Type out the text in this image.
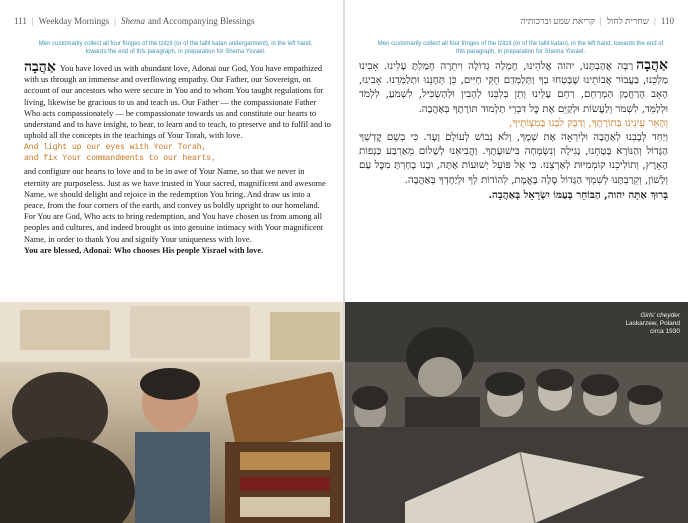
111 | Weekday Mornings | Shema and Accompanying Blessings
Men customarily collect all four fringes of the tzitzit (or of the tallit katan undergarment), in the left hand, towards the end of this paragraph, in preparation for Shema Yisrael.

אַהֲבָה You have loved us with abundant love, Adonai our God, You have empathized with us through an immense and overflowing empathy. Our Father, our Sovereign, on account of our ancestors who were secure in You and to whom You taught regulations for living, likewise be gracious to us and teach us. Our Father — the compassionate Father Who acts compassionately — be compassionate towards us and constitute our hearts to understand and to have insight, to hear, to learn and to teach, to preserve and to fulfil and to uphold all the concepts in the teachings of Your Torah, with love.

And light up our eyes with Your Torah,
and fix Your commandments to our hearts,

and configure our hearts to love and to be in awe of Your Name, so that we never in eternity are purposeless. Just as we have trusted in Your sacred, magnificent and awesome Name, we should delight and rejoice in the redemption You bring. And draw us into a peace, from the four corners of the earth, and convey us boldly upright to our homeland. For You are God, Who acts to bring redemption, and You have chosen us from among all peoples and cultures, and indeed brought us into genuine intimacy with Your magnificent Name, in order to thank You and signify Your uniqueness with love.

You are blessed, Adonai: Who chooses His people Yisrael with love.

110
|
שחרית לחול
|
קריאת שמע וברכותיה
Men customarily collect all four fringes of the tzitzit (or of the tallit katan), in the left hand, towards the end of this paragraph, in preparation for Shema Yisrael.

אַהֲבָהרַבָּה אֲהַבְתָּנוּ, יהוה אֱלֹהֵינוּ, חֶמְלָה גְדוֹלָה וִיתֵרָה חָמַלְתָּ עָלֵינוּ. אָבִינוּ מַלְכֵּנוּ, בַּעֲבוּר אֲבוֹתֵינוּ שֶׁבָּטְחוּ בְךָ וַתְּלַמְּדֵם חֻקֵּי חַיִּים, כֵּן תְּחָנֵּנוּ וּתְלַמְּדֵנוּ. אָבִינוּ, הָאָב הָרַחֲמָן הַמְרַחֵם, רַחֵם עָלֵינוּ וְתֵן בְּלִבֵּנוּ לְהָבִין וּלְהַשְׂכִּיל, לִשְׁמֹעַ, לִלְמֹד וּלְלַמֵּד, לִשְׁמֹר וְלַעֲשׂוֹת וּלְקַיֵּם אֶת כׇּל דִּבְרֵי תַלְמוּד תּוֹרָתֶךָ בְּאַהֲבָה.

וְהָאֵר עֵינֵינוּ בְּתוֹרָתֶךָ, וְדַבֵּק לִבֵּנוּ בְּמִצְוֹתֶיךָ,

וְיַחֵד לְבָבֵנוּ לְאַהֲבָה וּלְיִרְאָה אֶת שְׁמֶךָ, וְלֹא נֵבוֹשׁ לְעוֹלָם וָעֶד. כִּי בְשֵׁם קׇדְשְׁךָ הַגָּדוֹל וְהַנּוֹרָא בָּטָחְנוּ, נָגִילָה וְנִשְׂמְחָה בִּישׁוּעָתֶךָ. וַהֲבִיאֵנוּ לְשָׁלוֹם מֵאַרְבַּע כַּנְפוֹת הָאָרֶץ, וְתוֹלִיכֵנוּ קוֹמְמִיּוּת לְאַרְצֵנוּ. כִּי אֵל פּוֹעֵל יְשׁוּעוֹת אָתָּה, וּבָנוּ בָחַרְתָּ מִכׇּל עַם וְלָשׁוֹן, וְקֵרַבְתָּנוּ לְשִׁמְךָ הַגָּדוֹל סֶלָה בֶּאֱמֶת, לְהוֹדוֹת לְךָ וּלְיַחֶדְךָ בְּאַהֲבָה.

בָּרוּךְ אַתָּה יהוה, הַבּוֹחֵר בְּעַמּוֹ יִשְׂרָאֵל בְּאַהֲבָה.

Girls' cheyder
Laskarzew, Poland
circa 1930
